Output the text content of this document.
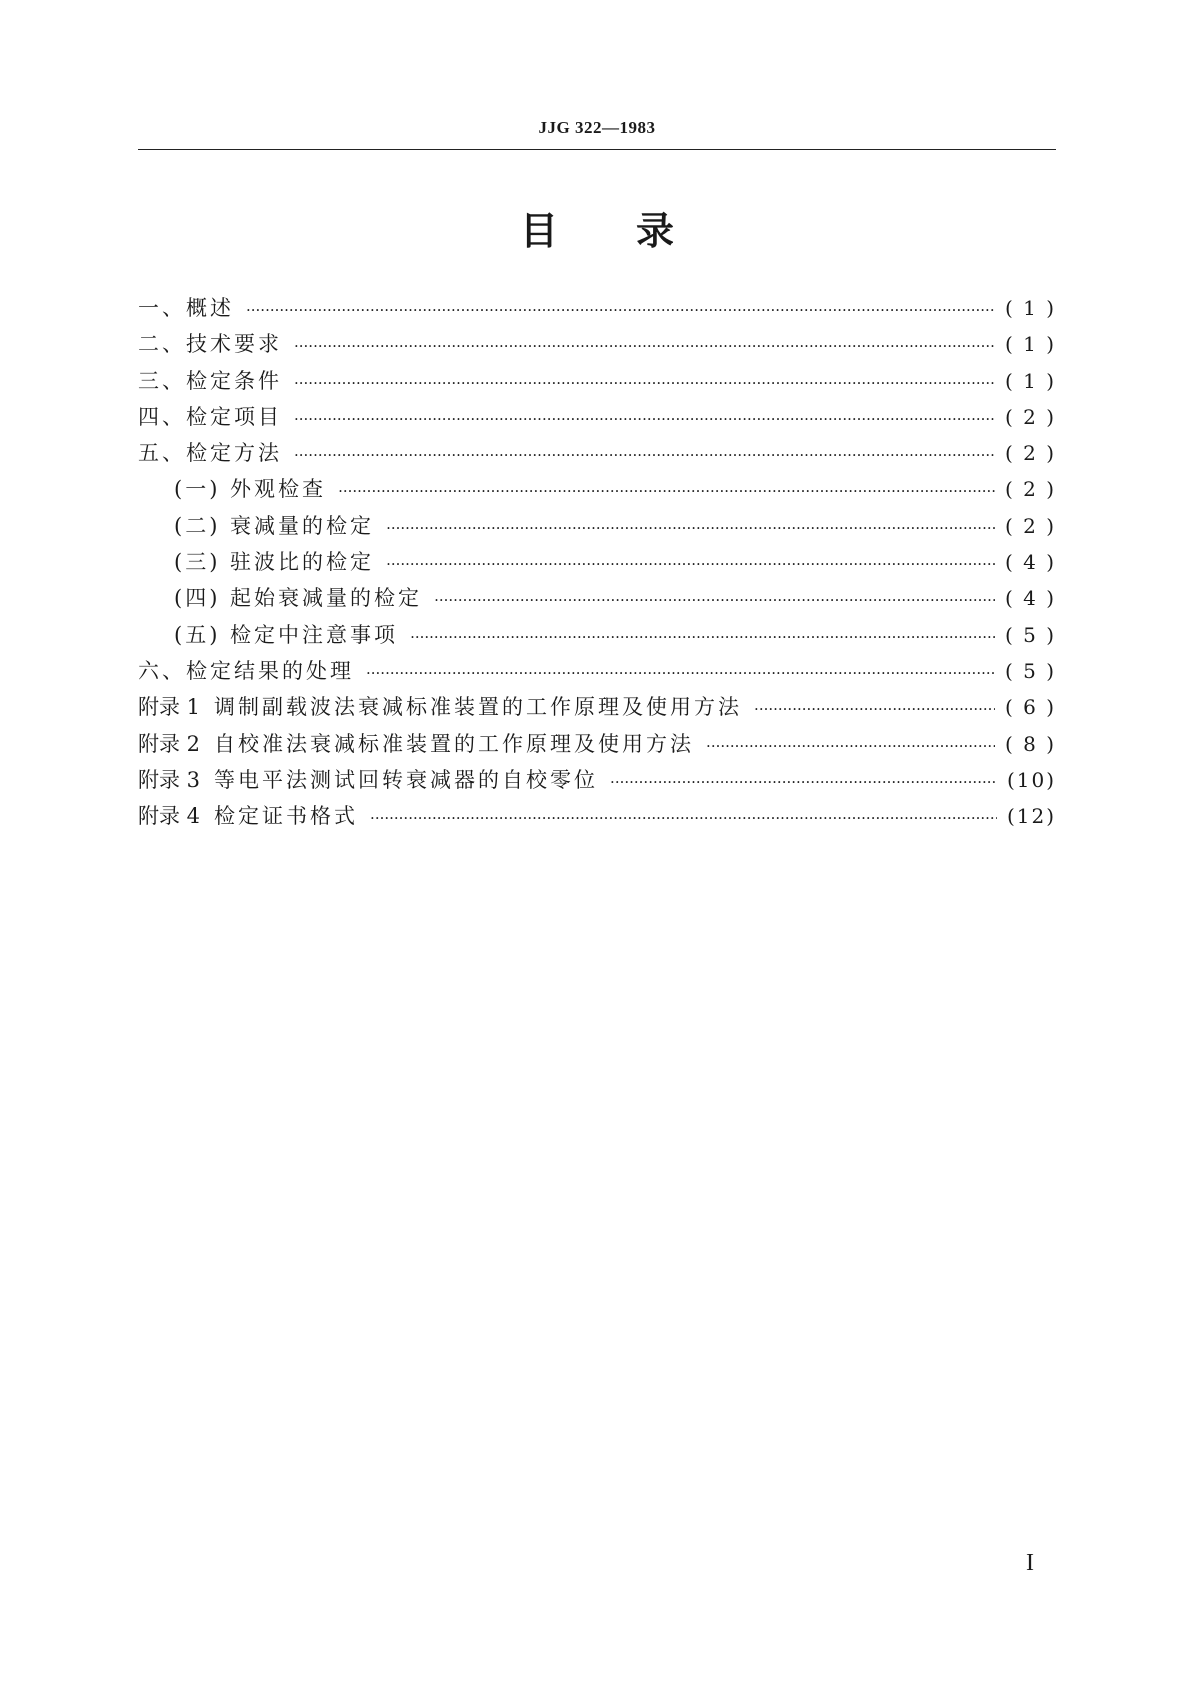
JJG 322—1983
目 录
一、概述 ·····	( 1 )
二、技术要求 ·····	( 1 )
三、检定条件 ·····	( 1 )
四、检定项目 ·····	( 2 )
五、检定方法 ·····	( 2 )
(一) 外观检查 ·····	( 2 )
(二) 衰减量的检定 ·····	( 2 )
(三) 驻波比的检定 ·····	( 4 )
(四) 起始衰减量的检定 ·····	( 4 )
(五) 检定中注意事项 ·····	( 5 )
六、检定结果的处理 ·····	( 5 )
附录 1 调制副载波法衰减标准装置的工作原理及使用方法 ·····	( 6 )
附录 2 自校准法衰减标准装置的工作原理及使用方法 ·····	( 8 )
附录 3 等电平法测试回转衰减器的自校零位 ·····	(10)
附录 4 检定证书格式 ·····	(12)
I
